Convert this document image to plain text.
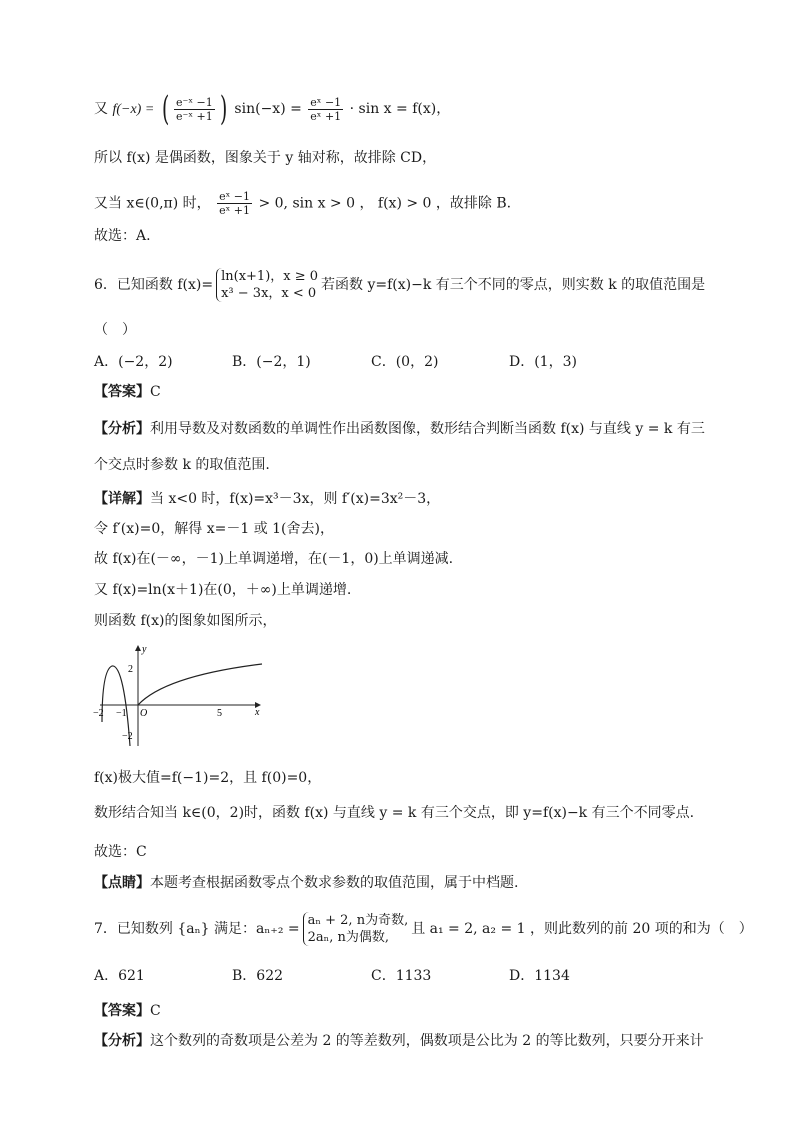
又 f(−x) = ( $\frac{\text{e⁻ˣ −1}}{\text{e⁻ˣ +1}}$ ) $\sin(-x) = \frac{\text{eˣ −1}}{\text{eˣ +1}} \cdot \sin x = f(x)$，
所以 f(x) 是偶函数，图象关于 y 轴对称，故排除 CD，
又当 x∈(0,π) 时， $\frac{\text{eˣ −1}}{\text{eˣ +1}} > 0$, sin x > 0 ， f(x) > 0 ，故排除 B.
故选：A.
6．已知函数 f(x)=
ln(x+1)，x ≥ 0
x³ − 3x，x < 0
若函数 y=f(x)−k 有三个不同的零点，则实数 k 的取值范围是
（　）
A．(−2，2)	B．(−2，1)	C．(0，2)	D．(1，3)
【答案】C
【分析】利用导数及对数函数的单调性作出函数图像，数形结合判断当函数 f(x) 与直线 y = k 有三
个交点时参数 k 的取值范围.
【详解】当 x<0 时，f(x)=x³－3x，则 f′(x)=3x²－3，
令 f′(x)=0，解得 x=－1 或 1(舍去)，
故 f(x)在(－∞，－1)上单调递增，在(－1，0)上单调递减.
又 f(x)=ln(x＋1)在(0，＋∞)上单调递增.
则函数 f(x)的图象如图所示，
y
x
O
−2 −1	5
2
−2
f(x)极大值=f(−1)=2，且 f(0)=0，
数形结合知当 k∈(0，2)时，函数 f(x) 与直线 y = k 有三个交点，即 y=f(x)−k 有三个不同零点.
故选：C
【点睛】本题考查根据函数零点个数求参数的取值范围，属于中档题.
7．已知数列 {aₙ} 满足：aₙ₊₂ =
aₙ + 2, n为奇数,
2aₙ, n为偶数,
且 a₁ = 2, a₂ = 1 ，则此数列的前 20 项的和为（　）
A．621	B．622	C．1133	D．1134
【答案】C
【分析】这个数列的奇数项是公差为 2 的等差数列，偶数项是公比为 2 的等比数列，只要分开来计
